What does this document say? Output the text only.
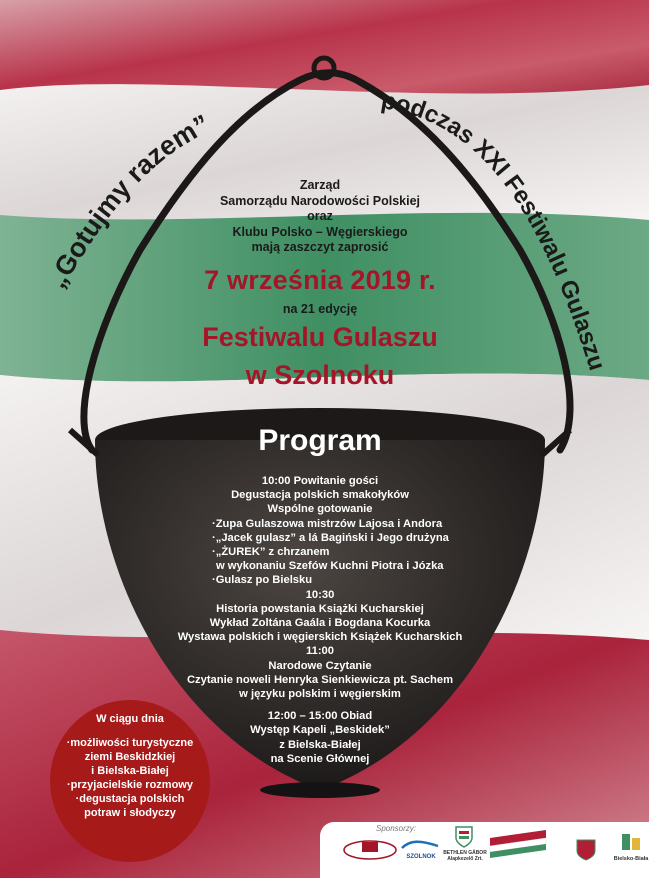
„Gotujmy razem”
podczas XXI Festiwalu Gulaszu
Zarząd
Samorządu Narodowości Polskiej
oraz
Klubu Polsko – Węgierskiego
mają zaszczyt zaprosić
7 września 2019 r.
na 21 edycję
Festiwalu Gulaszu
w Szolnoku
Program
10:00 Powitanie gości
Degustacja polskich smakołyków
Wspólne gotowanie
·Zupa Gulaszowa mistrzów Lajosa i Andora
·„Jacek gulasz” a lá Bagiński i Jego drużyna
·„ŻUREK” z chrzanem
w wykonaniu Szefów Kuchni Piotra i Józka
·Gulasz po Bielsku
10:30
Historia powstania Książki Kucharskiej
Wykład Zoltána Gaála i Bogdana Kocurka
Wystawa polskich i węgierskich Książek Kucharskich
11:00
Narodowe Czytanie
Czytanie noweli Henryka Sienkiewicza pt. Sachem
w języku polskim i węgierskim
12:00 – 15:00 Obiad
Występ Kapeli „Beskidek”
z Bielska-Białej
na Scenie Głównej
W ciągu dnia
·możliwości turystyczne
ziemi Beskidzkiej
i Bielska-Białej
·przyjacielskie rozmowy
·degustacja polskich
potraw i słodyczy
Sponsorzy:
SZOLNOK
BETHLEN GÁBOR Alapkezelő Zrt.	Bielsko-Biała
